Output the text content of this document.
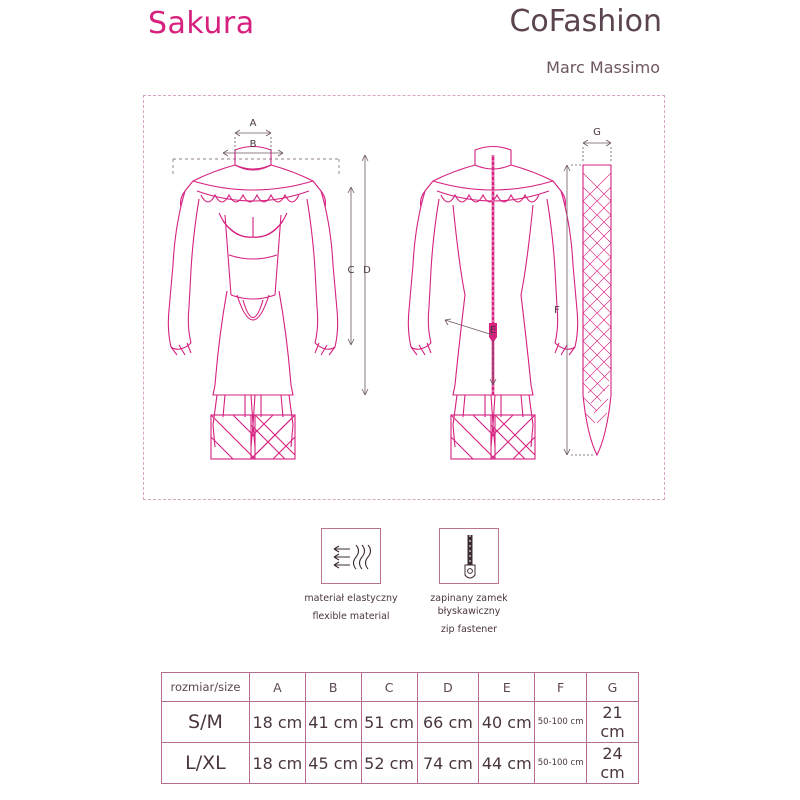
Sakura	CoFashion
Marc Massimo
A
B
C D
E
G
F
materiał elastyczny
flexible material
zapinany zamek błyskawiczny
zip fastener
rozmiar/size	A	B	C	D	E	F	G
S/M	18 cm	41 cm	51 cm	66 cm	40 cm	50-100 cm	21 cm
L/XL	18 cm	45 cm	52 cm	74 cm	44 cm	50-100 cm	24 cm
